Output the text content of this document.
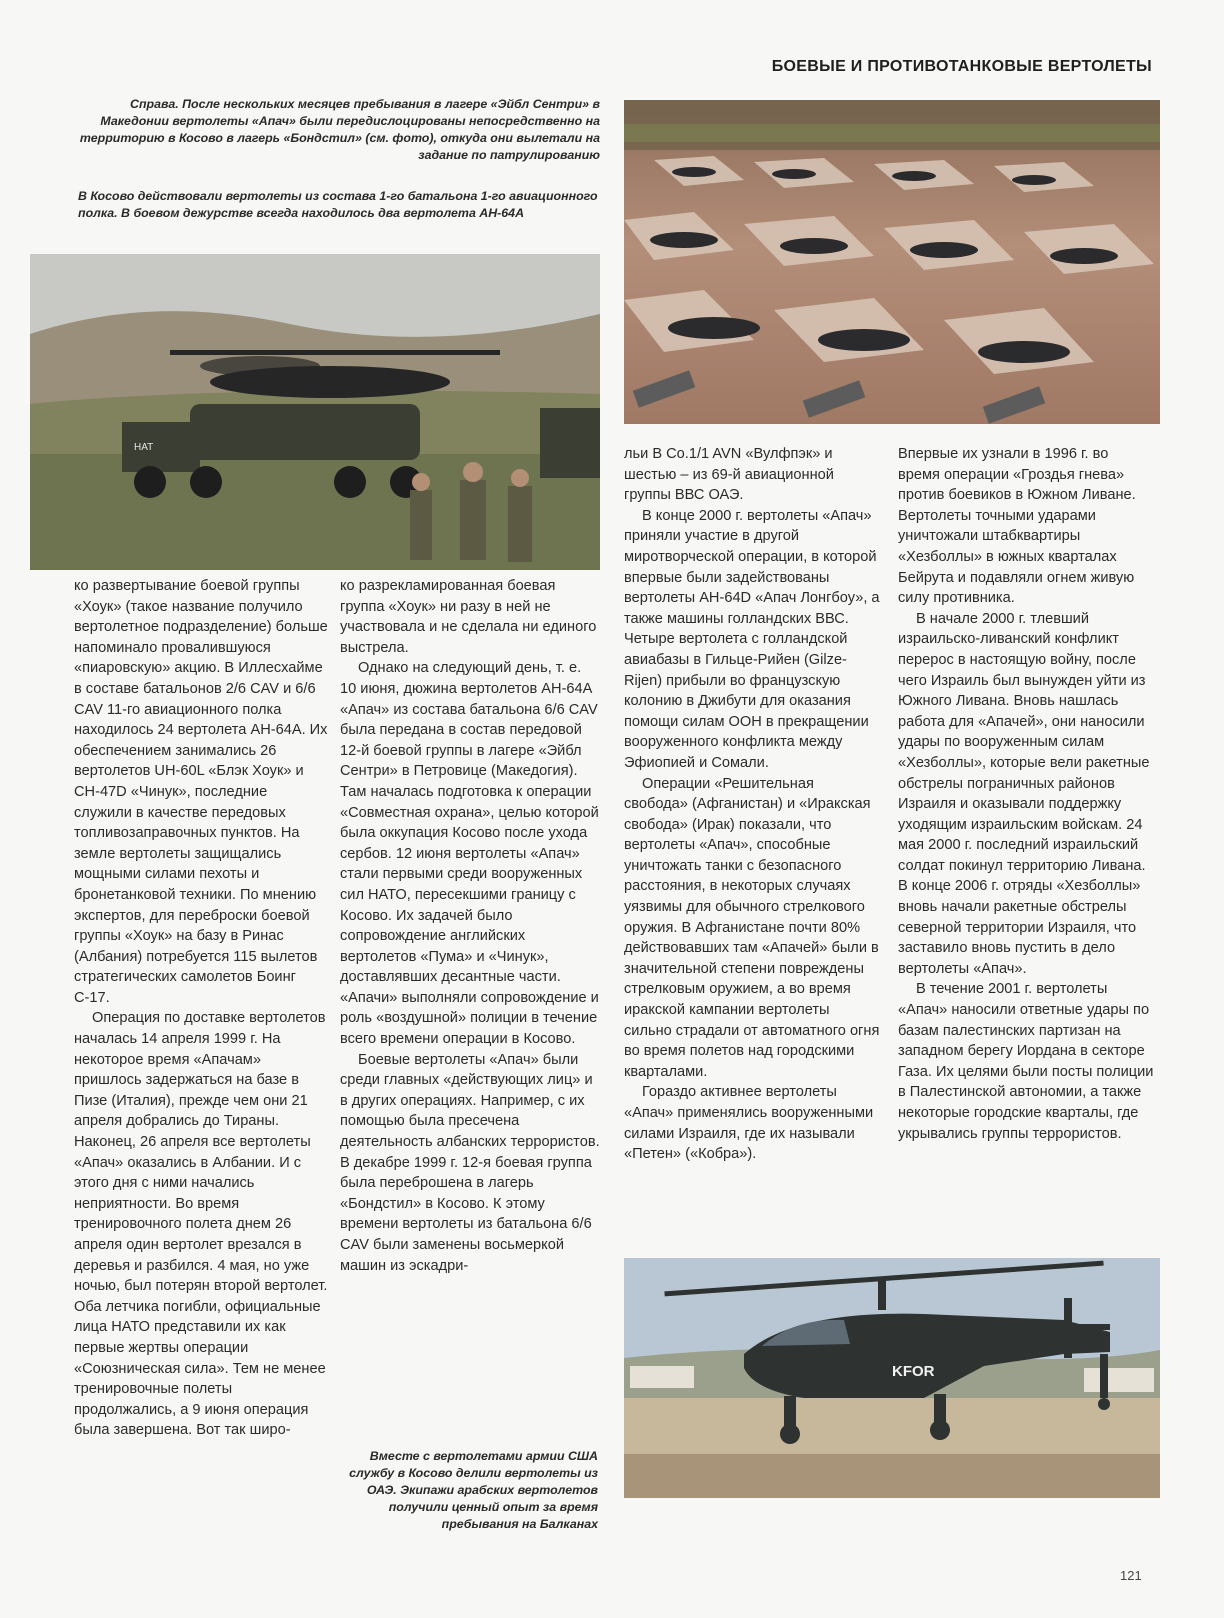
БОЕВЫЕ И ПРОТИВОТАНКОВЫЕ ВЕРТОЛЕТЫ
Справа. После нескольких месяцев пребывания в лагере «Эйбл Сентри» в Македонии вертолеты «Апач» были передислоцированы непосредственно на территорию в Косово в лагерь «Бондстил» (см. фото), откуда они вылетали на задание по патрулированию
В Косово действовали вертолеты из состава 1-го батальона 1-го авиационного полка. В боевом дежурстве всегда находилось два вертолета АН-64А
HAT

ко развертывание боевой группы «Хоук» (такое название получило вертолетное подразделение) больше напоминало провалившуюся «пиаровскую» акцию. В Иллесхайме в составе батальонов 2/6 CAV и 6/6 CAV 11-го авиационного полка находилось 24 вертолета АН-64А. Их обеспечением занимались 26 вертолетов UH-60L «Блэк Хоук» и CH-47D «Чинук», последние служили в качестве передовых топливозаправочных пунктов. На земле вертолеты защищались мощными силами пехоты и бронетанковой техники. По мнению экспертов, для переброски боевой группы «Хоук» на базу в Ринас (Албания) потребуется 115 вылетов стратегических самолетов Боинг С-17.

Операция по доставке вертолетов началась 14 апреля 1999 г. На некоторое время «Апачам» пришлось задержаться на базе в Пизе (Италия), прежде чем они 21 апреля добрались до Тираны. Наконец, 26 апреля все вертолеты «Апач» оказались в Албании. И с этого дня с ними начались неприятности. Во время тренировочного полета днем 26 апреля один вертолет врезался в деревья и разбился. 4 мая, но уже ночью, был потерян второй вертолет. Оба летчика погибли, официальные лица НАТО представили их как первые жертвы операции «Союзническая сила». Тем не менее тренировочные полеты продолжались, а 9 июня операция была завершена. Вот так широ-

ко разрекламированная боевая группа «Хоук» ни разу в ней не участвовала и не сделала ни единого выстрела.

Однако на следующий день, т. е. 10 июня, дюжина вертолетов АН-64А «Апач» из состава батальона 6/6 CAV была передана в состав передовой 12-й боевой группы в лагере «Эйбл Сентри» в Петровице (Македогия). Там началась подготовка к операции «Совместная охрана», целью которой была оккупация Косово после ухода сербов. 12 июня вертолеты «Апач» стали первыми среди вооруженных сил НАТО, пересекшими границу с Косово. Их задачей было сопровождение английских вертолетов «Пума» и «Чинук», доставлявших десантные части. «Апачи» выполняли сопровождение и роль «воздушной» полиции в течение всего времени операции в Косово.

Боевые вертолеты «Апач» были среди главных «действующих лиц» и в других операциях. Например, с их помощью была пресечена деятельность албанских террористов. В декабре 1999 г. 12-я боевая группа была переброшена в лагерь «Бондстил» в Косово. К этому времени вертолеты из батальона 6/6 CAV были заменены восьмеркой машин из эскадри-

льи B Co.1/1 AVN «Вулфпэк» и шестью – из 69-й авиационной группы ВВС ОАЭ.

В конце 2000 г. вертолеты «Апач» приняли участие в другой миротворческой операции, в которой впервые были задействованы вертолеты АН-64D «Апач Лонгбоу», а также машины голландских ВВС. Четыре вертолета с голландской авиабазы в Гильце-Рийен (Gilze-Rijen) прибыли во французскую колонию в Джибути для оказания помощи силам ООН в прекращении вооруженного конфликта между Эфиопией и Сомали.

Операции «Решительная свобода» (Афганистан) и «Иракская свобода» (Ирак) показали, что вертолеты «Апач», способные уничтожать танки с безопасного расстояния, в некоторых случаях уязвимы для обычного стрелкового оружия. В Афганистане почти 80% действовавших там «Апачей» были в значительной степени повреждены стрелковым оружием, а во время иракской кампании вертолеты сильно страдали от автоматного огня во время полетов над городскими кварталами.

Гораздо активнее вертолеты «Апач» применялись вооруженными силами Израиля, где их называли «Петен» («Кобра»).

Впервые их узнали в 1996 г. во время операции «Гроздья гнева» против боевиков в Южном Ливане. Вертолеты точными ударами уничтожали штабквартиры «Хезболлы» в южных кварталах Бейрута и подавляли огнем живую силу противника.

В начале 2000 г. тлевший израильско-ливанский конфликт перерос в настоящую войну, после чего Израиль был вынужден уйти из Южного Ливана. Вновь нашлась работа для «Апачей», они наносили удары по вооруженным силам «Хезболлы», которые вели ракетные обстрелы пограничных районов Израиля и оказывали поддержку уходящим израильским войскам. 24 мая 2000 г. последний израильский солдат покинул территорию Ливана. В конце 2006 г. отряды «Хезболлы» вновь начали ракетные обстрелы северной территории Израиля, что заставило вновь пустить в дело вертолеты «Апач».

В течение 2001 г. вертолеты «Апач» наносили ответные удары по базам палестинских партизан на западном берегу Иордана в секторе Газа. Их целями были посты полиции в Палестинской автономии, а также некоторые городские кварталы, где укрывались группы террористов.

Вместе с вертолетами армии США службу в Косово делили вертолеты из ОАЭ. Экипажи арабских вертолетов получили ценный опыт за время пребывания на Балканах
KFOR
121
